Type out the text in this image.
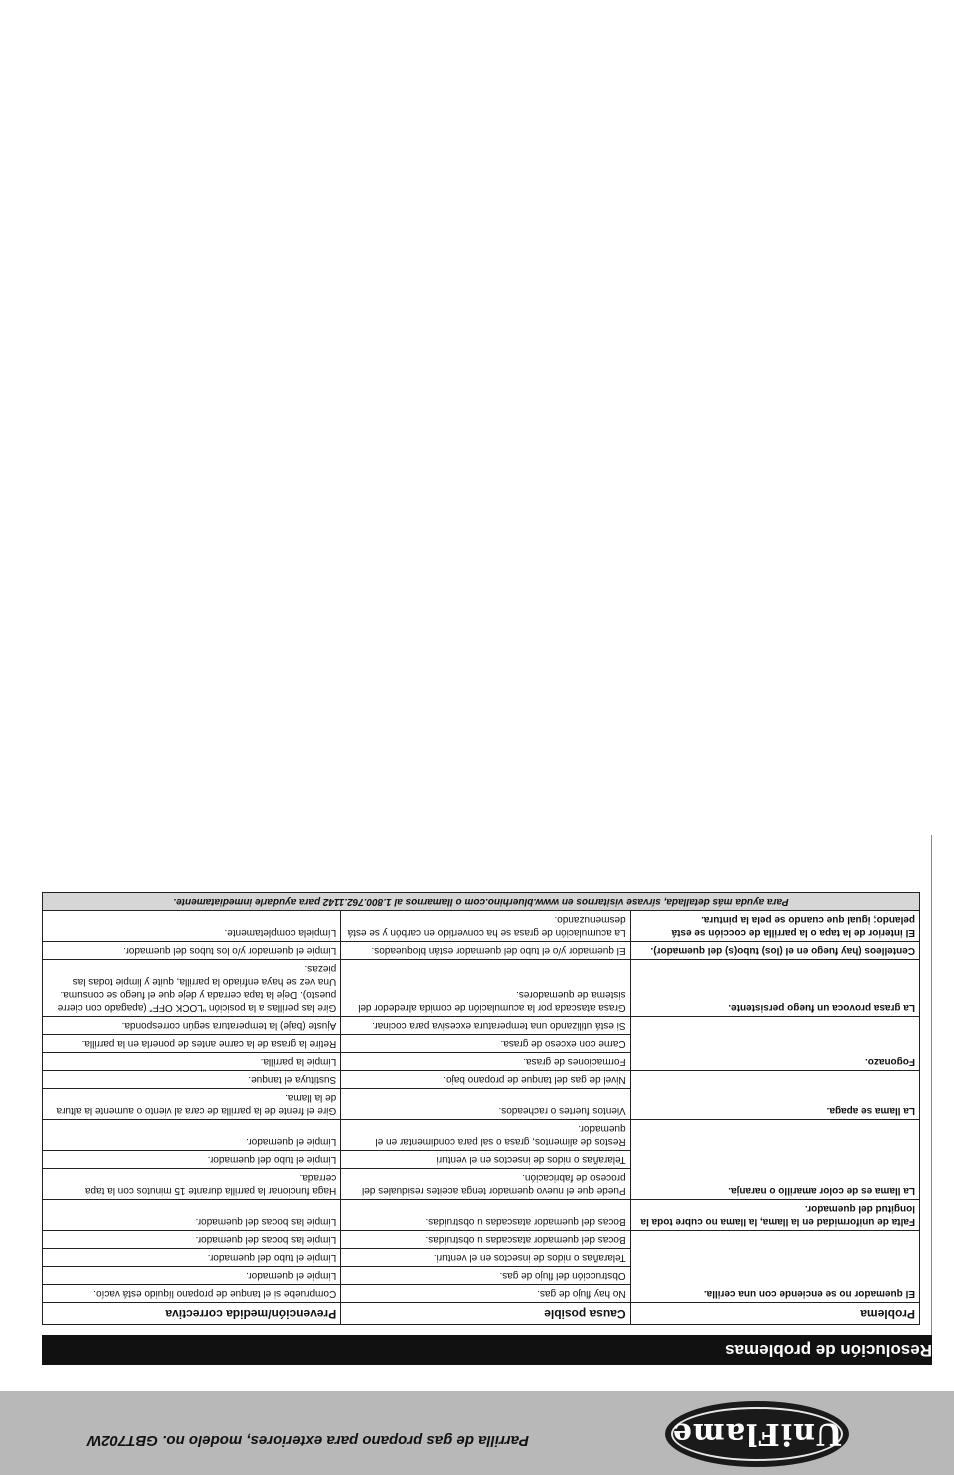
UniFlame
Parrilla de gas propano para exteriores, modelo no. GBT702W
Resolución de problemas
Problema	Causa posible	Prevención/medida correctiva
El quemador no se enciende con una cerilla.	No hay flujo de gas.	Compruebe si el tanque de propano líquido está vacío.
	Obstrucción del flujo de gas.	Limpie el quemador.
	Telarañas o nidos de insectos en el venturi.	Limpie el tubo del quemador.
	Bocas del quemador atascadas u obstruidas.	Limpie las bocas del quemador.
Falta de uniformidad en la llama, la llama no cubre toda la longitud del quemador.	Bocas del quemador atascadas u obstruidas.	Limpie las bocas del quemador.
La llama es de color amarillo o naranja.	Puede que el nuevo quemador tenga aceites residuales del proceso de fabricación.	Haga funcionar la parrilla durante 15 minutos con la tapa cerrada.
	Telarañas o nidos de insectos en el venturi	Limpie el tubo del quemador.
	Restos de alimentos, grasa o sal para condimentar en el quemador.	Limpie el quemador.
La llama se apaga.	Vientos fuertes o racheados.	Gire el frente de la parrilla de cara al viento o aumente la altura de la llama.
	Nivel de gas del tanque de propano bajo.	Sustituya el tanque.
Fogonazo.	Formaciones de grasa.	Limpie la parrilla.
	Carne con exceso de grasa.	Retire la grasa de la carne antes de ponerla en la parrilla.
	Si está utilizando una temperatura excesiva para cocinar.	Ajuste (baje) la temperatura según corresponda.
La grasa provoca un fuego persistente.	Grasa atascada por la acumulación de comida alrededor del sistema de quemadores.	Gire las perillas a la posición “LOCK OFF” (apagado con cierre puesto). Deje la tapa cerrada y deje que el fuego se consuma. Una vez se haya enfriado la parrilla, quite y limpie todas las piezas.
Centelleos (hay fuego en el (los) tubo(s) del quemador).	El quemador y/o el tubo del quemador están bloqueados.	Limpie el quemador y/o los tubos del quemador.
El interior de la tapa o la parrilla de cocción se está pelando; igual que cuando se pela la pintura.	La acumulación de grasa se ha convertido en carbón y se está desmenuzando.	Límpiela completamente.
Para ayuda más detallada, sírvase visitarnos en www.bluerhino.com o llamarnos al 1.800.762.1142 para ayudarle inmediatamente.		
